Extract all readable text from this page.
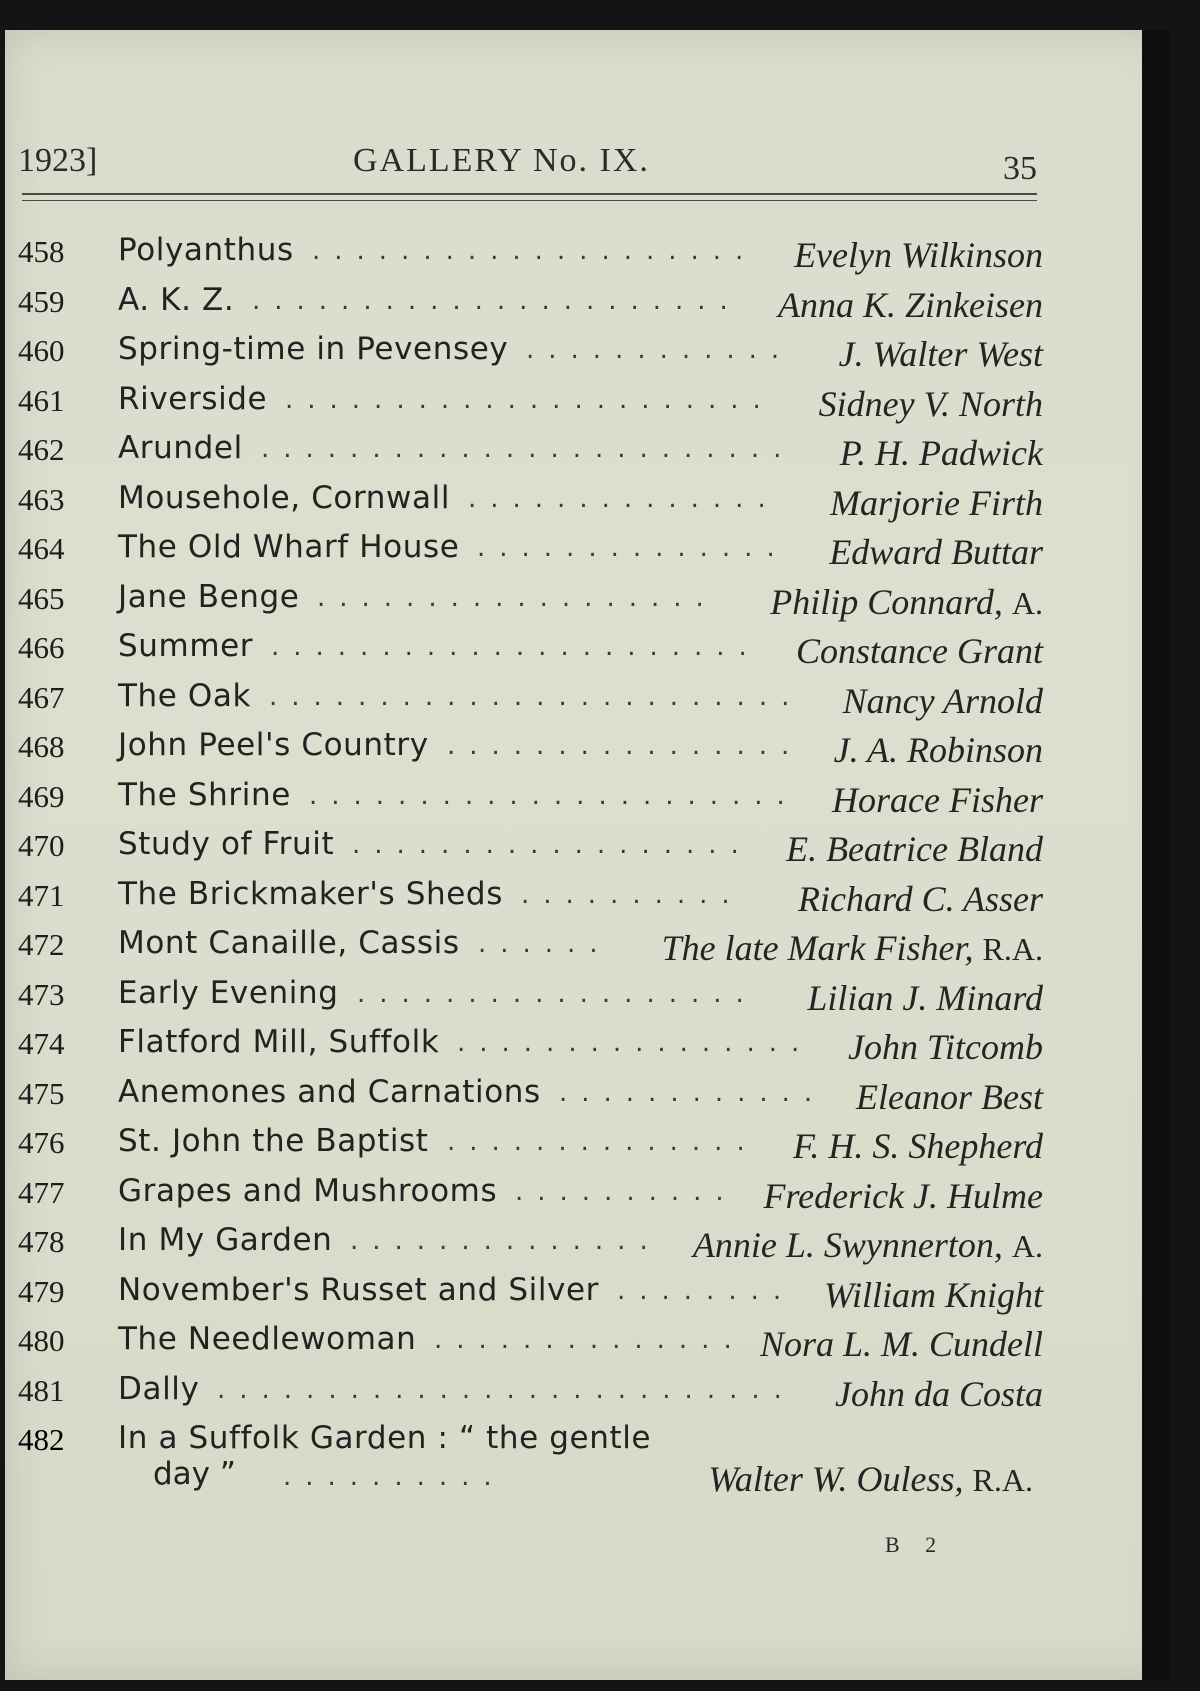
1923]	GALLERY No. IX.	35
458 Polyanthus ....................	Evelyn Wilkinson
459 A. K. Z. ......................	Anna K. Zinkeisen
460 Spring-time in Pevensey ............	J. Walter West
461 Riverside ......................	Sidney V. North
462 Arundel ........................	P. H. Padwick
463 Mousehole, Cornwall ..............	Marjorie Firth
464 The Old Wharf House ..............	Edward Buttar
465 Jane Benge ..................	Philip Connard, A.
466 Summer ...................... Constance Grant
467 The Oak ........................	Nancy Arnold
468 John Peel's Country ................ J. A. Robinson
469 The Shrine ...................... Horace Fisher
470 Study of Fruit .................. E. Beatrice Bland
471 The Brickmaker's Sheds ..........	Richard C. Asser
472 Mont Canaille, Cassis ......	The late Mark Fisher, R.A.
473 Early Evening ..................	Lilian J. Minard
474 Flatford Mill, Suffolk ................ John Titcomb
475 Anemones and Carnations ............ Eleanor Best
476 St. John the Baptist .............. F. H. S. Shepherd
477 Grapes and Mushrooms .......... Frederick J. Hulme
478 In My Garden .............. Annie L. Swynnerton, A.
479 November's Russet and Silver ........ William Knight
480 The Needlewoman .............. Nora L. M. Cundell
481 Dally ..........................	John da Costa
482 In a Suffolk Garden : “ the gentle
day ” ..........	Walter W. Ouless, R.A.
B 2
